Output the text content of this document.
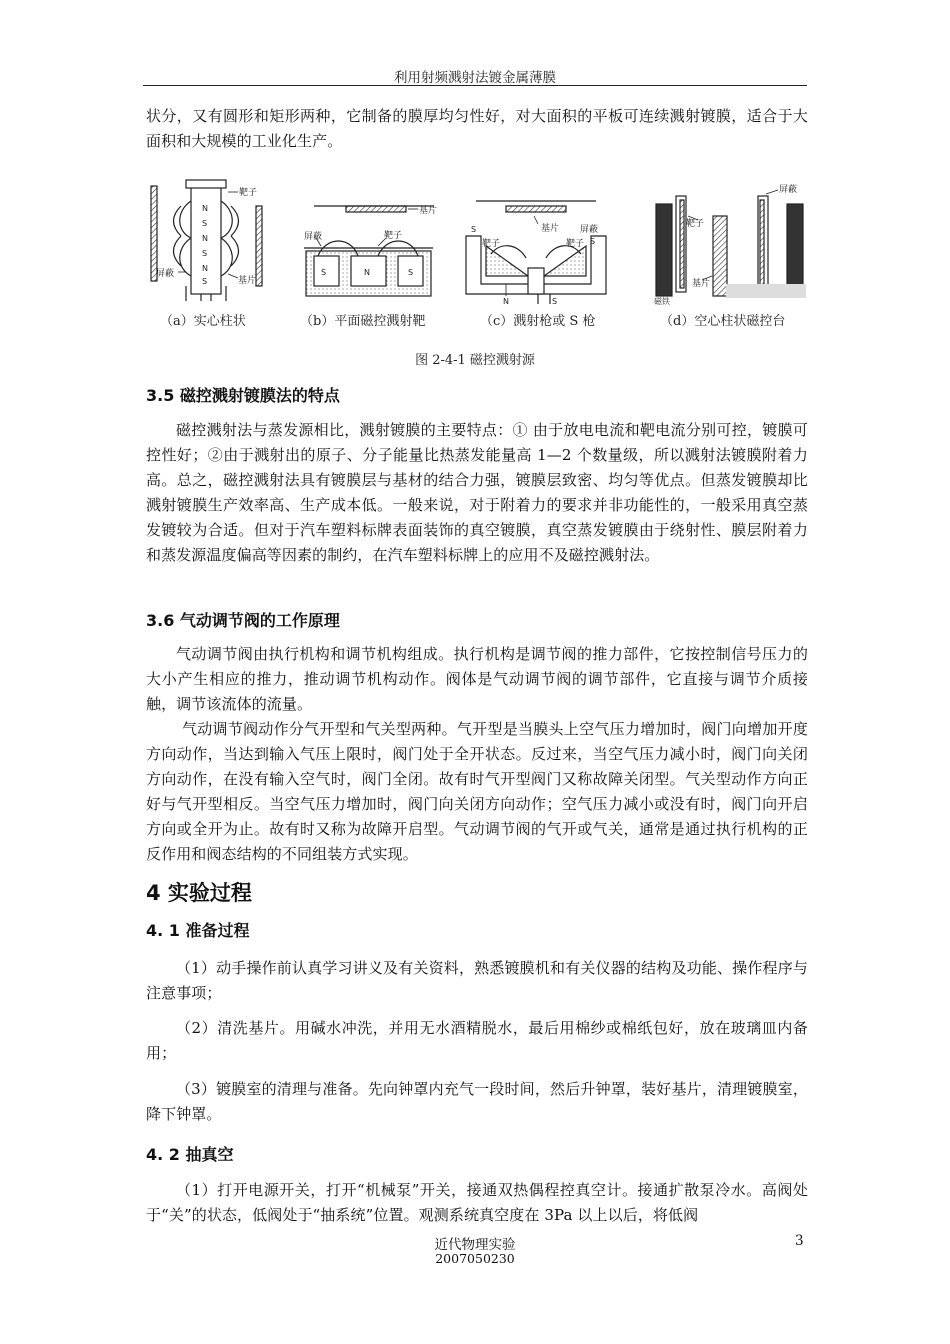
利用射频溅射法镀金属薄膜
状分，又有圆形和矩形两种，它制备的膜厚均匀性好，对大面积的平板可连续溅射镀膜，适合于大面积和大规模的工业化生产。
靶子
屏蔽
基片
N
S
N
S
N
S
基片
屏蔽	靶子
S	N	S
基片
S
靶子	靶子 S
屏蔽
N	S
靶子
屏蔽
基片
磁铁
（a）实心柱状	（b）平面磁控溅射靶	（c）溅射枪或 S 枪	（d）空心柱状磁控台
图 2-4-1 磁控溅射源
3.5 磁控溅射镀膜法的特点
磁控溅射法与蒸发源相比，溅射镀膜的主要特点：① 由于放电电流和靶电流分别可控，镀膜可控性好；②由于溅射出的原子、分子能量比热蒸发能量高 1—2 个数量级，所以溅射法镀膜附着力高。总之，磁控溅射法具有镀膜层与基材的结合力强，镀膜层致密、均匀等优点。但蒸发镀膜却比溅射镀膜生产效率高、生产成本低。一般来说，对于附着力的要求并非功能性的，一般采用真空蒸发镀较为合适。但对于汽车塑料标牌表面装饰的真空镀膜，真空蒸发镀膜由于绕射性、膜层附着力和蒸发源温度偏高等因素的制约，在汽车塑料标牌上的应用不及磁控溅射法。
3.6 气动调节阀的工作原理
气动调节阀由执行机构和调节机构组成。执行机构是调节阀的推力部件，它按控制信号压力的大小产生相应的推力，推动调节机构动作。阀体是气动调节阀的调节部件，它直接与调节介质接触，调节该流体的流量。
气动调节阀动作分气开型和气关型两种。气开型是当膜头上空气压力增加时，阀门向增加开度方向动作，当达到输入气压上限时，阀门处于全开状态。反过来，当空气压力减小时，阀门向关闭方向动作，在没有输入空气时，阀门全闭。故有时气开型阀门又称故障关闭型。气关型动作方向正好与气开型相反。当空气压力增加时，阀门向关闭方向动作；空气压力减小或没有时，阀门向开启方向或全开为止。故有时又称为故障开启型。气动调节阀的气开或气关，通常是通过执行机构的正反作用和阀态结构的不同组装方式实现。
4 实验过程
4. 1 准备过程
（1）动手操作前认真学习讲义及有关资料，熟悉镀膜机和有关仪器的结构及功能、操作程序与注意事项；
（2）清洗基片。用碱水冲洗，并用无水酒精脱水，最后用棉纱或棉纸包好，放在玻璃皿内备用；
（3）镀膜室的清理与准备。先向钟罩内充气一段时间，然后升钟罩，装好基片，清理镀膜室，降下钟罩。
4. 2 抽真空
（1）打开电源开关，打开“机械泵”开关，接通双热偶程控真空计。接通扩散泵冷水。高阀处于“关”的状态，低阀处于“抽系统”位置。观测系统真空度在 3Pa 以上以后，将低阀
近代物理实验
2007050230
3
